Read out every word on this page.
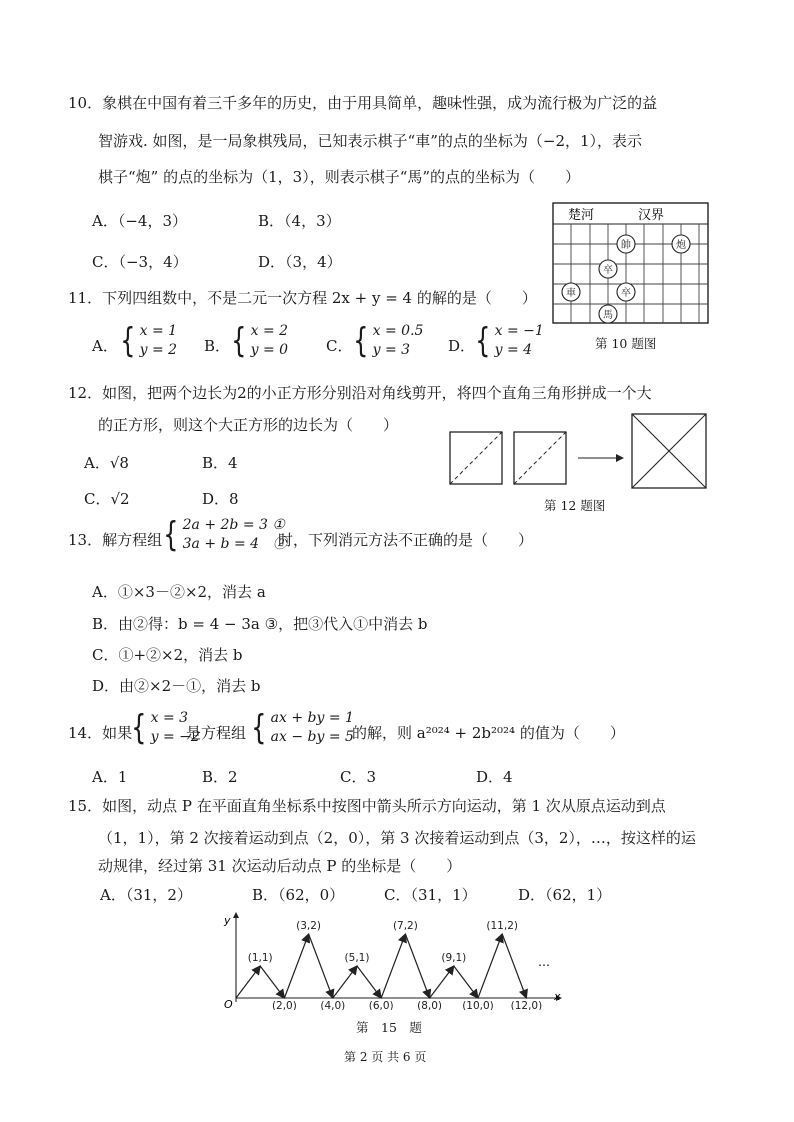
10．象棋在中国有着三千多年的历史，由于用具简单，趣味性强，成为流行极为广泛的益
智游戏. 如图，是一局象棋残局，已知表示棋子“車”的点的坐标为（−2，1），表示
棋子“炮” 的点的坐标为（1，3），则表示棋子“馬”的点的坐标为（　　）
A．（−4，3）	B．（4，3）
C．（−3，4）	D．（3，4）
楚河	汉界
帥	炮
卒
車	卒
馬
第 10 题图
11．下列四组数中，不是二元一次方程 2x + y = 4 的解的是（　　）
A． { x = 1
y = 2 B． { x = 2
y = 0	C． { x = 0.5
y = 3	D． { x = −1
y = 4
12．如图，把两个边长为2的小正方形分别沿对角线剪开，将四个直角三角形拼成一个大
的正方形，则这个大正方形的边长为（　　）
A．√8	B．4
C．√2	D．8	第 12 题图
13．解方程组 { 2a + 2b = 3 ①
3a + b = 4　②
时，下列消元方法不正确的是（　　）
A．①×3－②×2，消去 a
B．由②得：b = 4 − 3a ③，把③代入①中消去 b
C．①+②×2，消去 b
D．由②×2－①，消去 b
14．如果 { x = 3
y = −2
是方程组 { ax + by = 1
ax − by = 5
的解，则 a²⁰²⁴ + 2b²⁰²⁴ 的值为（　　）
A．1	B．2	C．3	D．4
15．如图，动点 P 在平面直角坐标系中按图中箭头所示方向运动，第 1 次从原点运动到点
（1，1），第 2 次接着运动到点（2，0），第 3 次接着运动到点（3，2），…，按这样的运
动规律，经过第 31 次运动后动点 P 的坐标是（　　）
A．（31，2）	B．（62，0）	C．（31，1）	D．（62，1）
y
x
O
(1,1)
(2,0)
(3,2)
(4,0)
(5,1)
(6,0)
(7,2)
(8,0)
(9,1)
(10,0)
(11,2)
(12,0)
…
第　15　题
第 2 页 共 6 页
